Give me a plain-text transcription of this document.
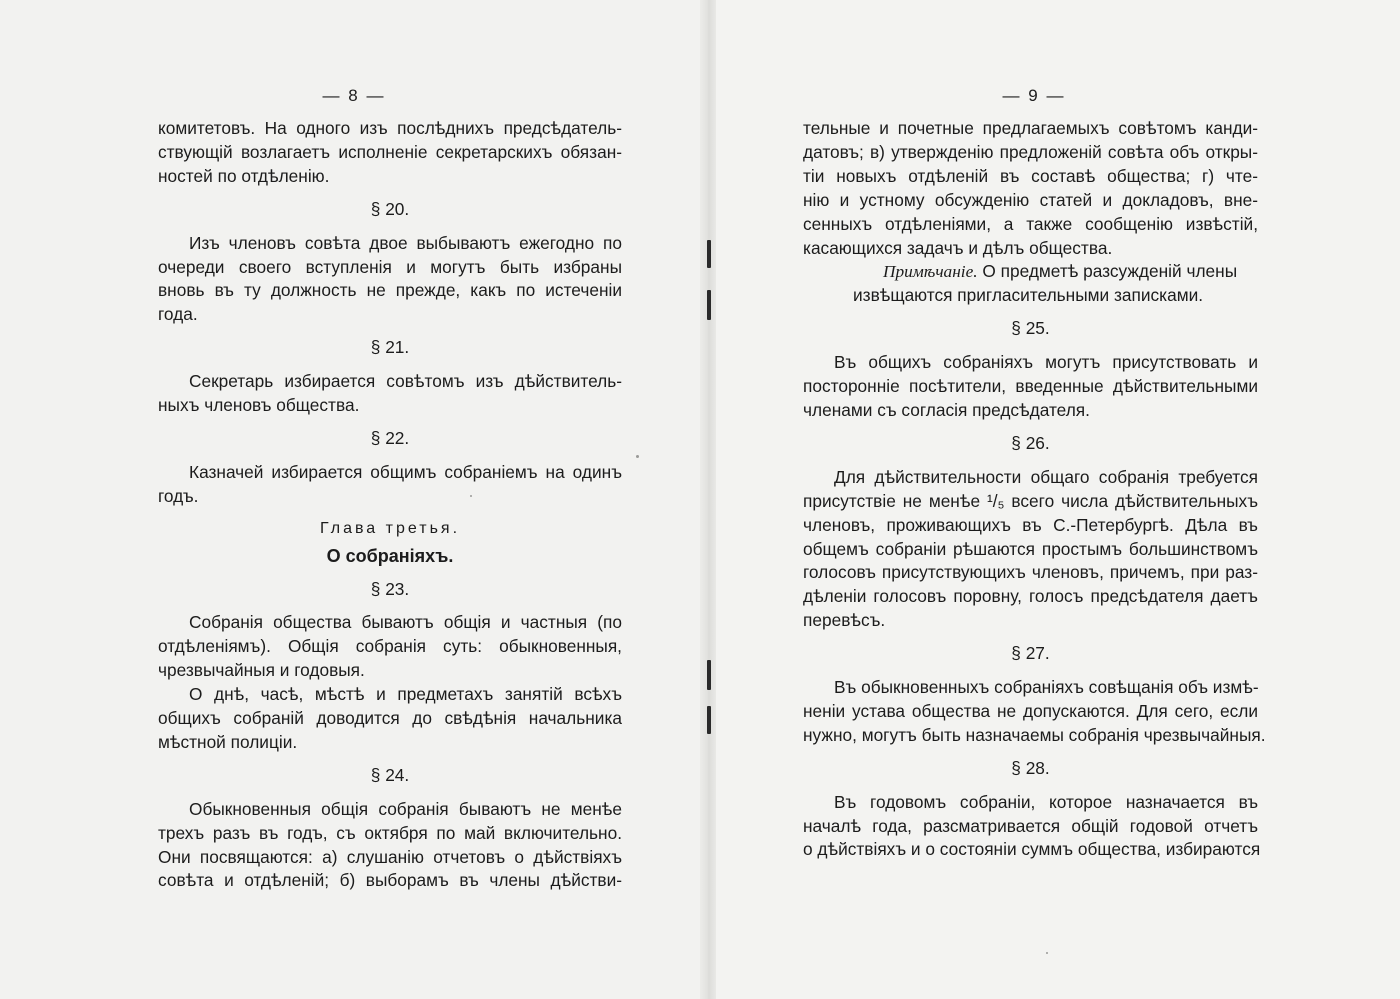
— 8 —
комитетовъ. На одного изъ послѣднихъ предсѣдатель-
ствующій возлагаетъ исполненіе секретарскихъ обязан-
ностей по отдѣленію.
§ 20.
Изъ членовъ совѣта двое выбываютъ ежегодно по
очереди своего вступленія и могутъ быть избраны
вновь въ ту должность не прежде, какъ по истеченіи
года.
§ 21.
Секретарь избирается совѣтомъ изъ дѣйствитель-
ныхъ членовъ общества.
§ 22.
Казначей избирается общимъ собраніемъ на одинъ
годъ.
Глава третья.
О собраніяхъ.
§ 23.
Собранія общества бываютъ общія и частныя (по
отдѣленіямъ). Общія собранія суть: обыкновенныя,
чрезвычайныя и годовыя.
О днѣ, часѣ, мѣстѣ и предметахъ занятій всѣхъ
общихъ собраній доводится до свѣдѣнія начальника
мѣстной полиціи.
§ 24.
Обыкновенныя общія собранія бываютъ не менѣе
трехъ разъ въ годъ, съ октября по май включительно.
Они посвящаются: а) слушанію отчетовъ о дѣйствіяхъ
совѣта и отдѣленій; б) выборамъ въ члены дѣйстви-
— 9 —
тельные и почетные предлагаемыхъ совѣтомъ канди-
датовъ; в) утвержденію предложеній совѣта объ откры-
тіи новыхъ отдѣленій въ составѣ общества; г) чте-
нію и устному обсужденію статей и докладовъ, вне-
сенныхъ отдѣленіями, а также сообщенію извѣстій,
касающихся задачъ и дѣлъ общества.
Примѣчаніе. О предметѣ разсужденій члены
извѣщаются пригласительными записками.
§ 25.
Въ общихъ собраніяхъ могутъ присутствовать и
посторонніе посѣтители, введенные дѣйствительными
членами съ согласія предсѣдателя.
§ 26.
Для дѣйствительности общаго собранія требуется
присутствіе не менѣе ¹/₅ всего числа дѣйствительныхъ
членовъ, проживающихъ въ С.-Петербургѣ. Дѣла въ
общемъ собраніи рѣшаются простымъ большинствомъ
голосовъ присутствующихъ членовъ, причемъ, при раз-
дѣленіи голосовъ поровну, голосъ предсѣдателя даетъ
перевѣсъ.
§ 27.
Въ обыкновенныхъ собраніяхъ совѣщанія объ измѣ-
неніи устава общества не допускаются. Для сего, если
нужно, могутъ быть назначаемы собранія чрезвычайныя.
§ 28.
Въ годовомъ собраніи, которое назначается въ
началѣ года, разсматривается общій годовой отчетъ
о дѣйствіяхъ и о состояніи суммъ общества, избираются
